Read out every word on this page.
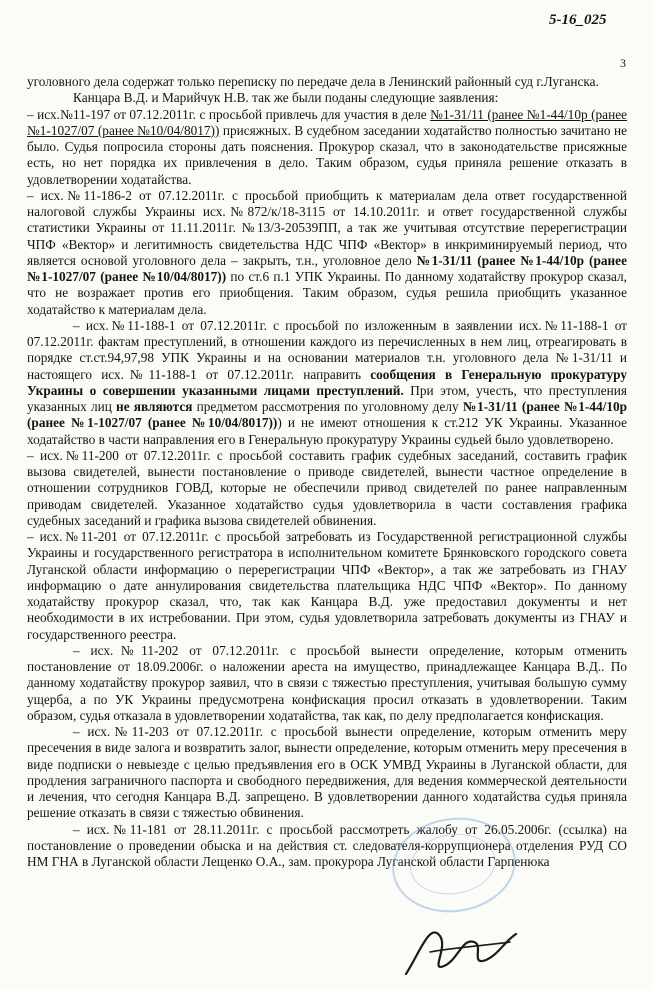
5-16_025
3

уголовного дела содержат только переписку по передаче дела в Ленинский районный суд г.Луганска.

Канцара В.Д. и Марийчук Н.В. так же были поданы следующие заявления:

– исх.№11-197 от 07.12.2011г. с просьбой привлечь для участия в деле №1-31/11 (ранее №1-44/10р (ранее №1-1027/07 (ранее №10/04/8017)) присяжных. В судебном заседании ходатайство полностью зачитано не было. Судья попросила стороны дать пояснения. Прокурор сказал, что в законодательстве присяжные есть, но нет порядка их привлечения в дело. Таким образом, судья приняла решение отказать в удовлетворении ходатайства.

– исх.№11-186-2 от 07.12.2011г. с просьбой приобщить к материалам дела ответ государственной налоговой службы Украины исх.№872/к/18-3115 от 14.10.2011г. и ответ государственной службы статистики Украины от 11.11.2011г. №13/3-20539ПП, а так же учитывая отсутствие перерегистрации ЧПФ «Вектор» и легитимность свидетельства НДС ЧПФ «Вектор» в инкриминируемый период, что является основой уголовного дела – закрыть, т.н., уголовное дело №1-31/11 (ранее №1-44/10р (ранее №1-1027/07 (ранее №10/04/8017)) по ст.6 п.1 УПК Украины. По данному ходатайству прокурор сказал, что не возражает против его приобщения. Таким образом, судья решила приобщить указанное ходатайство к материалам дела.

– исх.№11-188-1 от 07.12.2011г. с просьбой по изложенным в заявлении исх.№11-188-1 от 07.12.2011г. фактам преступлений, в отношении каждого из перечисленных в нем лиц, отреагировать в порядке ст.ст.94,97,98 УПК Украины и на основании материалов т.н. уголовного дела №1-31/11 и настоящего исх.№11-188-1 от 07.12.2011г. направить сообщения в Генеральную прокуратуру Украины о совершении указанными лицами преступлений. При этом, учесть, что преступления указанных лиц не являются предметом рассмотрения по уголовному делу №1-31/11 (ранее №1-44/10р (ранее №1-1027/07 (ранее №10/04/8017))) и не имеют отношения к ст.212 УК Украины. Указанное ходатайство в части направления его в Генеральную прокуратуру Украины судьей было удовлетворено.

– исх.№11-200 от 07.12.2011г. с просьбой составить график судебных заседаний, составить график вызова свидетелей, вынести постановление о приводе свидетелей, вынести частное определение в отношении сотрудников ГОВД, которые не обеспечили привод свидетелей по ранее направленным приводам свидетелей. Указанное ходатайство судья удовлетворила в части составления графика судебных заседаний и графика вызова свидетелей обвинения.

– исх.№11-201 от 07.12.2011г. с просьбой затребовать из Государственной регистрационной службы Украины и государственного регистратора в исполнительном комитете Брянковского городского совета Луганской области информацию о перерегистрации ЧПФ «Вектор», а так же затребовать из ГНАУ информацию о дате аннулирования свидетельства плательщика НДС ЧПФ «Вектор». По данному ходатайству прокурор сказал, что, так как Канцара В.Д. уже предоставил документы и нет необходимости в их истребовании. При этом, судья удовлетворила затребовать документы из ГНАУ и государственного реестра.

– исх.№11-202 от 07.12.2011г. с просьбой вынести определение, которым отменить постановление от 18.09.2006г. о наложении ареста на имущество, принадлежащее Канцара В.Д.. По данному ходатайству прокурор заявил, что в связи с тяжестью преступления, учитывая большую сумму ущерба, а по УК Украины предусмотрена конфискация просил отказать в удовлетворении. Таким образом, судья отказала в удовлетворении ходатайства, так как, по делу предполагается конфискация.

– исх.№11-203 от 07.12.2011г. с просьбой вынести определение, которым отменить меру пресечения в виде залога и возвратить залог, вынести определение, которым отменить меру пресечения в виде подписки о невыезде с целью предъявления его в ОСК УМВД Украины в Луганской области, для продления заграничного паспорта и свободного передвижения, для ведения коммерческой деятельности и лечения, что сегодня Канцара В.Д. запрещено. В удовлетворении данного ходатайства судья приняла решение отказать в связи с тяжестью обвинения.

– исх.№11-181 от 28.11.2011г. с просьбой рассмотреть жалобу от 26.05.2006г. (ссылка) на постановление о проведении обыска и на действия ст. следователя-коррупционера отделения РУД СО НМ ГНА в Луганской области Лещенко О.А., зам. прокурора Луганской области Гарпенюка
